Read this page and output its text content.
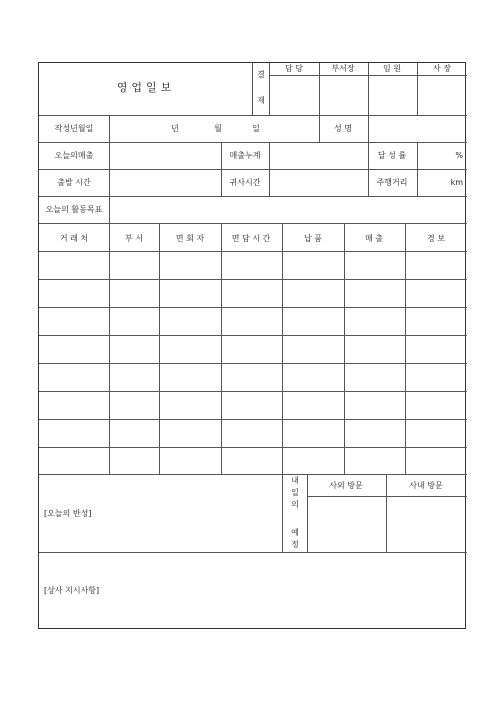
영업일보
결
재
담 당	부서장	임 원	사 장
작성년월일	년	월	일	성 명
오늘의매출	매출누계	달 성 률	%
출발 시간	귀사시간	주행거리	km
오늘의 활동목표
거 래 처	부 서	면 회 자	면 담 시 간	납 품	매 출	경 보
[오늘의 반성]
내
일
의
예
정
사외 방문	사내 방문
[상사 지시사항]
